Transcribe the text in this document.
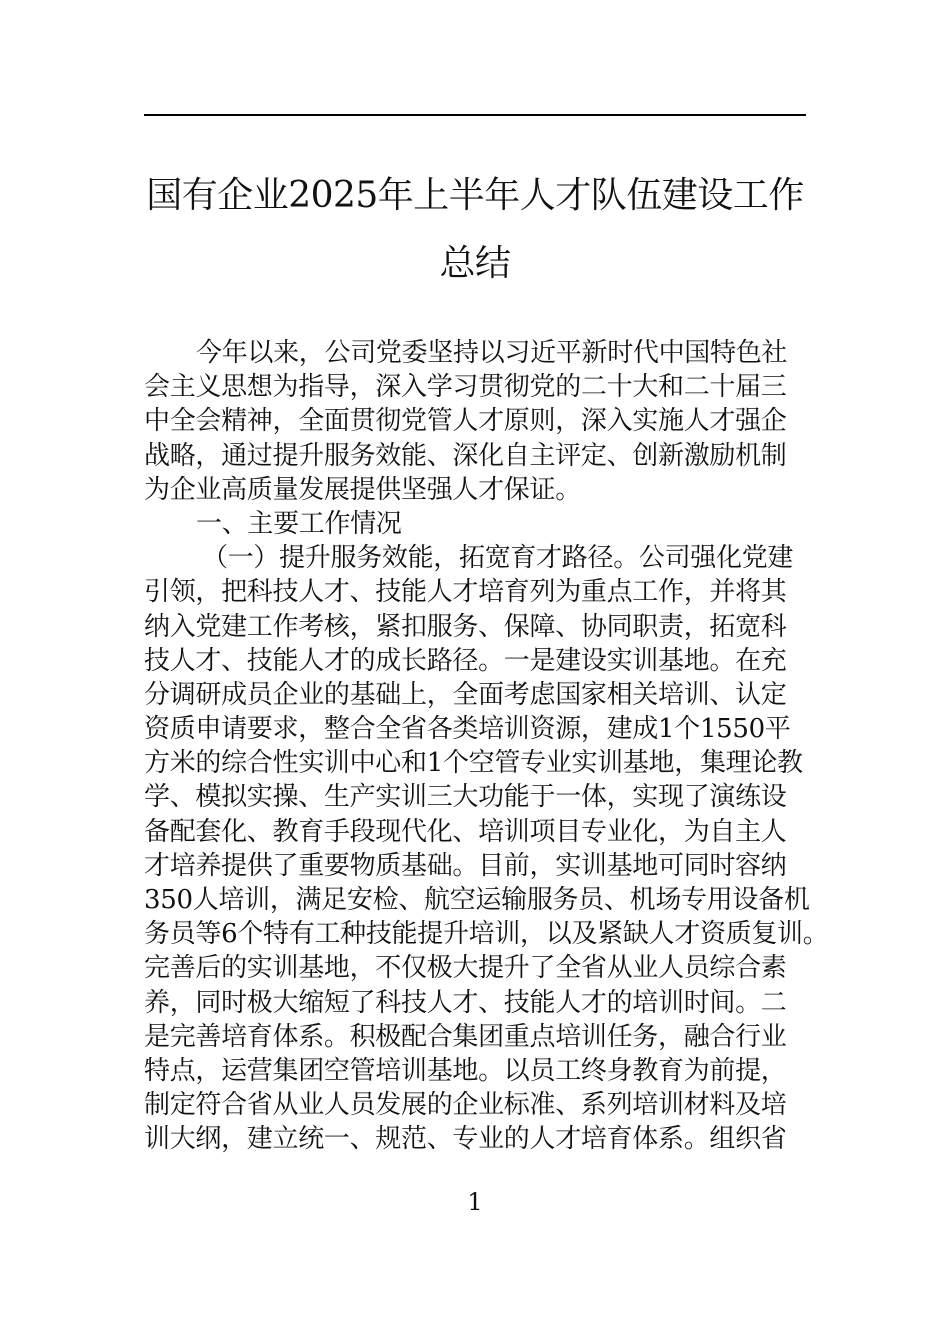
国有企业2025年上半年人才队伍建设工作
总结
今年以来，公司党委坚持以习近平新时代中国特色社
会主义思想为指导，深入学习贯彻党的二十大和二十届三
中全会精神，全面贯彻党管人才原则，深入实施人才强企
战略，通过提升服务效能、深化自主评定、创新激励机制
为企业高质量发展提供坚强人才保证。
一、主要工作情况
（一）提升服务效能，拓宽育才路径。公司强化党建
引领，把科技人才、技能人才培育列为重点工作，并将其
纳入党建工作考核，紧扣服务、保障、协同职责，拓宽科
技人才、技能人才的成长路径。一是建设实训基地。在充
分调研成员企业的基础上，全面考虑国家相关培训、认定
资质申请要求，整合全省各类培训资源，建成1个1550平
方米的综合性实训中心和1个空管专业实训基地，集理论教
学、模拟实操、生产实训三大功能于一体，实现了演练设
备配套化、教育手段现代化、培训项目专业化，为自主人
才培养提供了重要物质基础。目前，实训基地可同时容纳
350人培训，满足安检、航空运输服务员、机场专用设备机
务员等6个特有工种技能提升培训，以及紧缺人才资质复训。
完善后的实训基地，不仅极大提升了全省从业人员综合素
养，同时极大缩短了科技人才、技能人才的培训时间。二
是完善培育体系。积极配合集团重点培训任务，融合行业
特点，运营集团空管培训基地。以员工终身教育为前提，
制定符合省从业人员发展的企业标准、系列培训材料及培
训大纲，建立统一、规范、专业的人才培育体系。组织省
1
